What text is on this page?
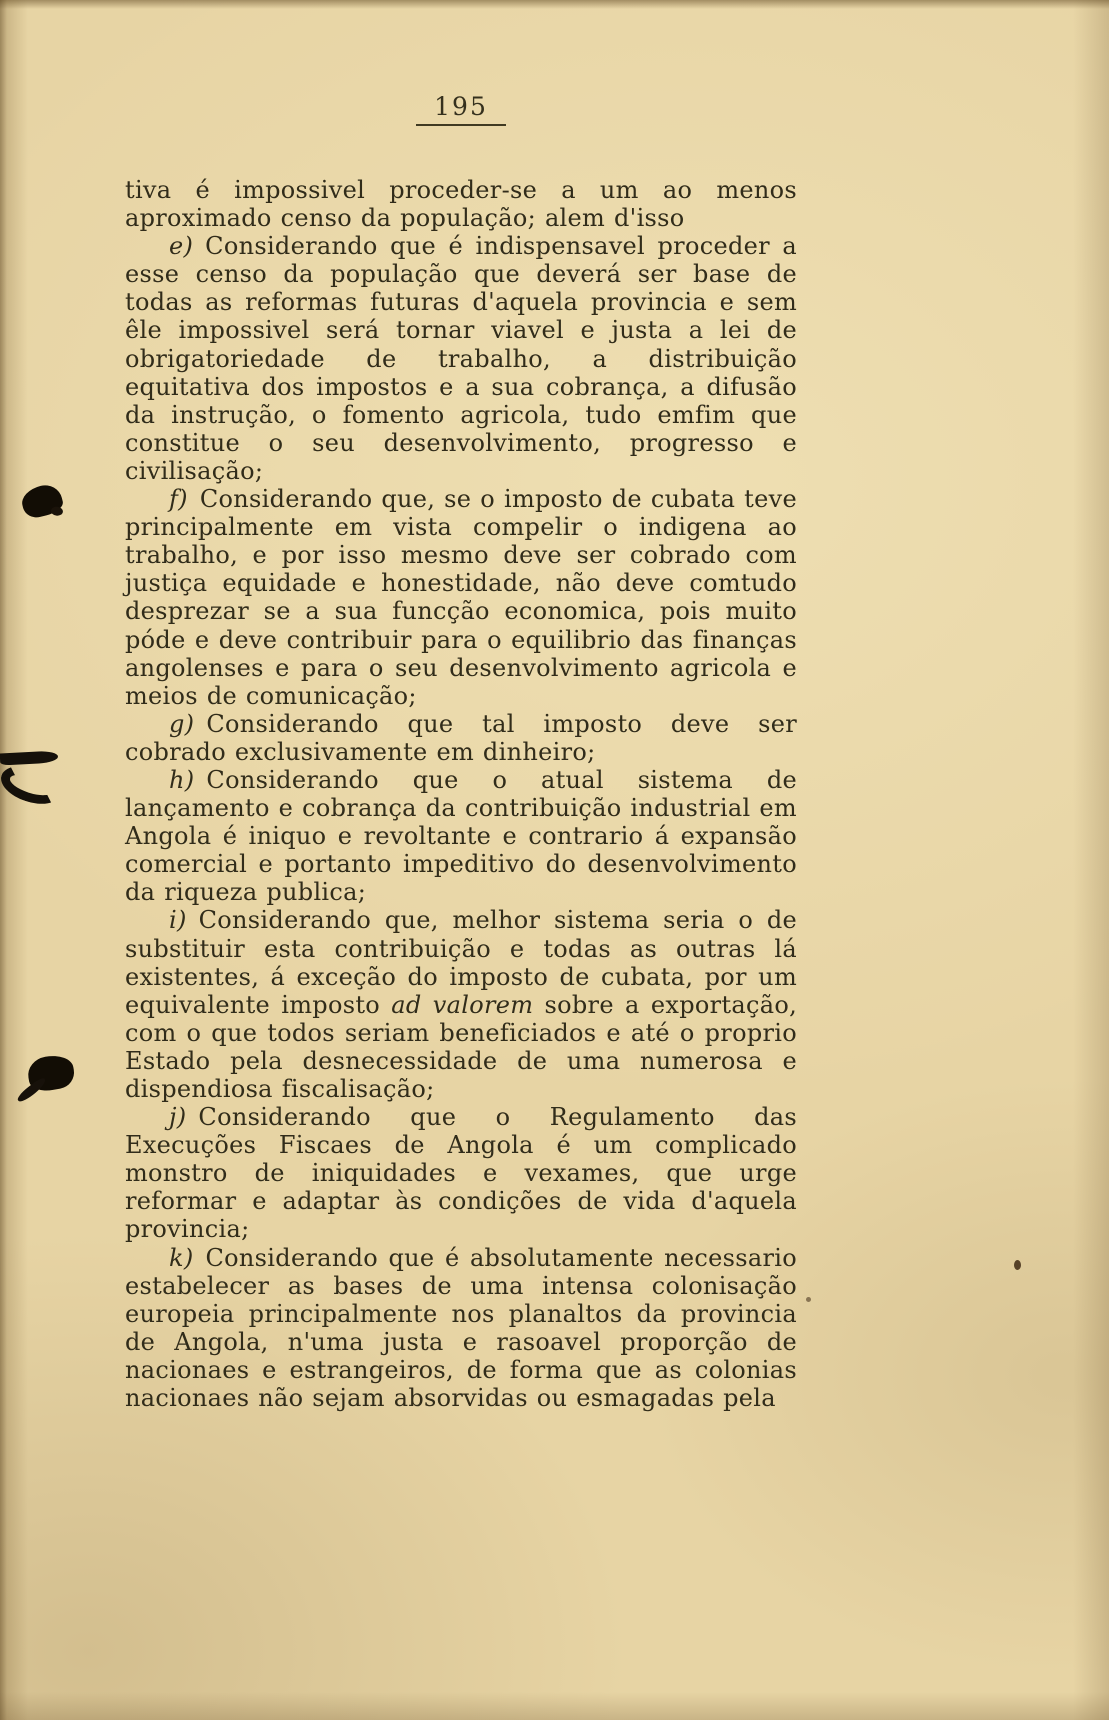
195

tiva é impossivel proceder-se a um ao menos aproximado censo da população; alem d'isso

e) Considerando que é indispensavel proceder a esse censo da população que deverá ser base de todas as reformas futuras d'aquela provincia e sem êle impossivel será tornar viavel e justa a lei de obrigatoriedade de trabalho, a distribuição equitativa dos impostos e a sua cobrança, a difusão da instrução, o fomento agricola, tudo emfim que constitue o seu desenvolvimento, progresso e civilisação;

f) Considerando que, se o imposto de cubata teve principalmente em vista compelir o indigena ao trabalho, e por isso mesmo deve ser cobrado com justiça equidade e honestidade, não deve comtudo desprezar se a sua funcção economica, pois muito póde e deve contribuir para o equilibrio das finanças angolenses e para o seu desenvolvimento agricola e meios de comunicação;

g) Considerando que tal imposto deve ser cobrado exclusivamente em dinheiro;

h) Considerando que o atual sistema de lançamento e cobrança da contribuição industrial em Angola é iniquo e revoltante e contrario á expansão comercial e portanto impeditivo do desenvolvimento da riqueza publica;

i) Considerando que, melhor sistema seria o de substituir esta contribuição e todas as outras lá existentes, á exceção do imposto de cubata, por um equivalente imposto ad valorem sobre a exportação, com o que todos seriam beneficiados e até o proprio Estado pela desnecessidade de uma numerosa e dispendiosa fiscalisação;

j) Considerando que o Regulamento das Execuções Fiscaes de Angola é um complicado monstro de iniquidades e vexames, que urge reformar e adaptar às condições de vida d'aquela provincia;

k) Considerando que é absolutamente necessario estabelecer as bases de uma intensa colonisação europeia principalmente nos planaltos da provincia de Angola, n'uma justa e rasoavel proporção de nacionaes e estrangeiros, de forma que as colonias nacionaes não sejam absorvidas ou esmagadas pela
